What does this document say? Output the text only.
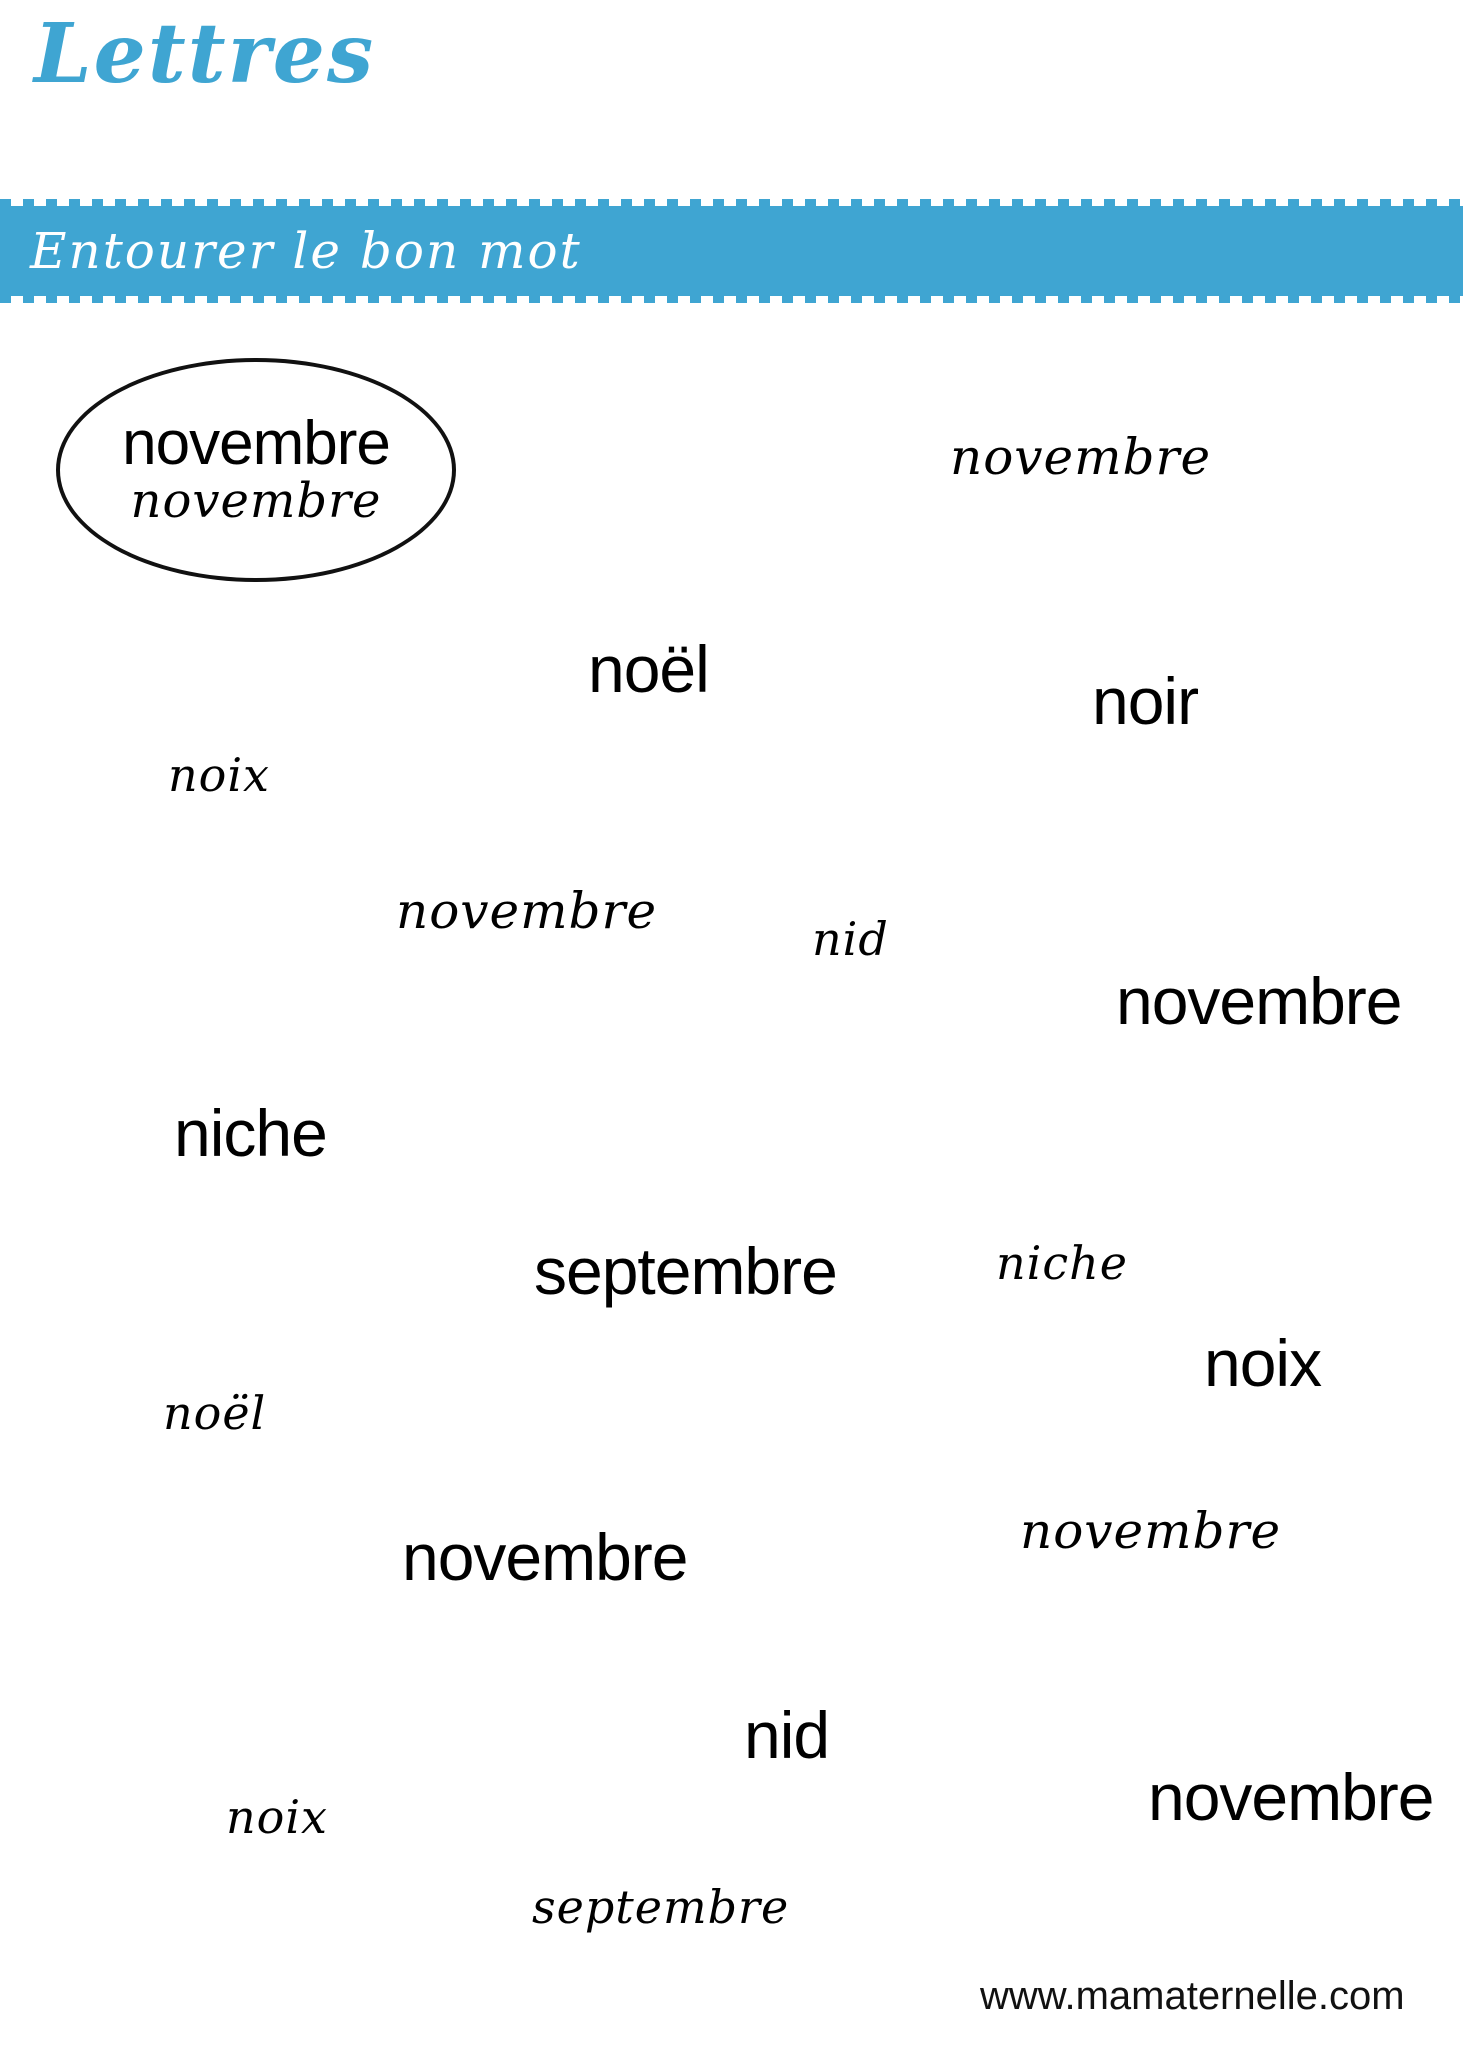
Lettres
Entourer le bon mot
novembre
novembre
novembre
noël	noir
noix
novembre	nid
novembre
niche
septembre	niche
noix
noël
novembre	novembre
nid
noix	novembre
septembre
www.mamaternelle.com
